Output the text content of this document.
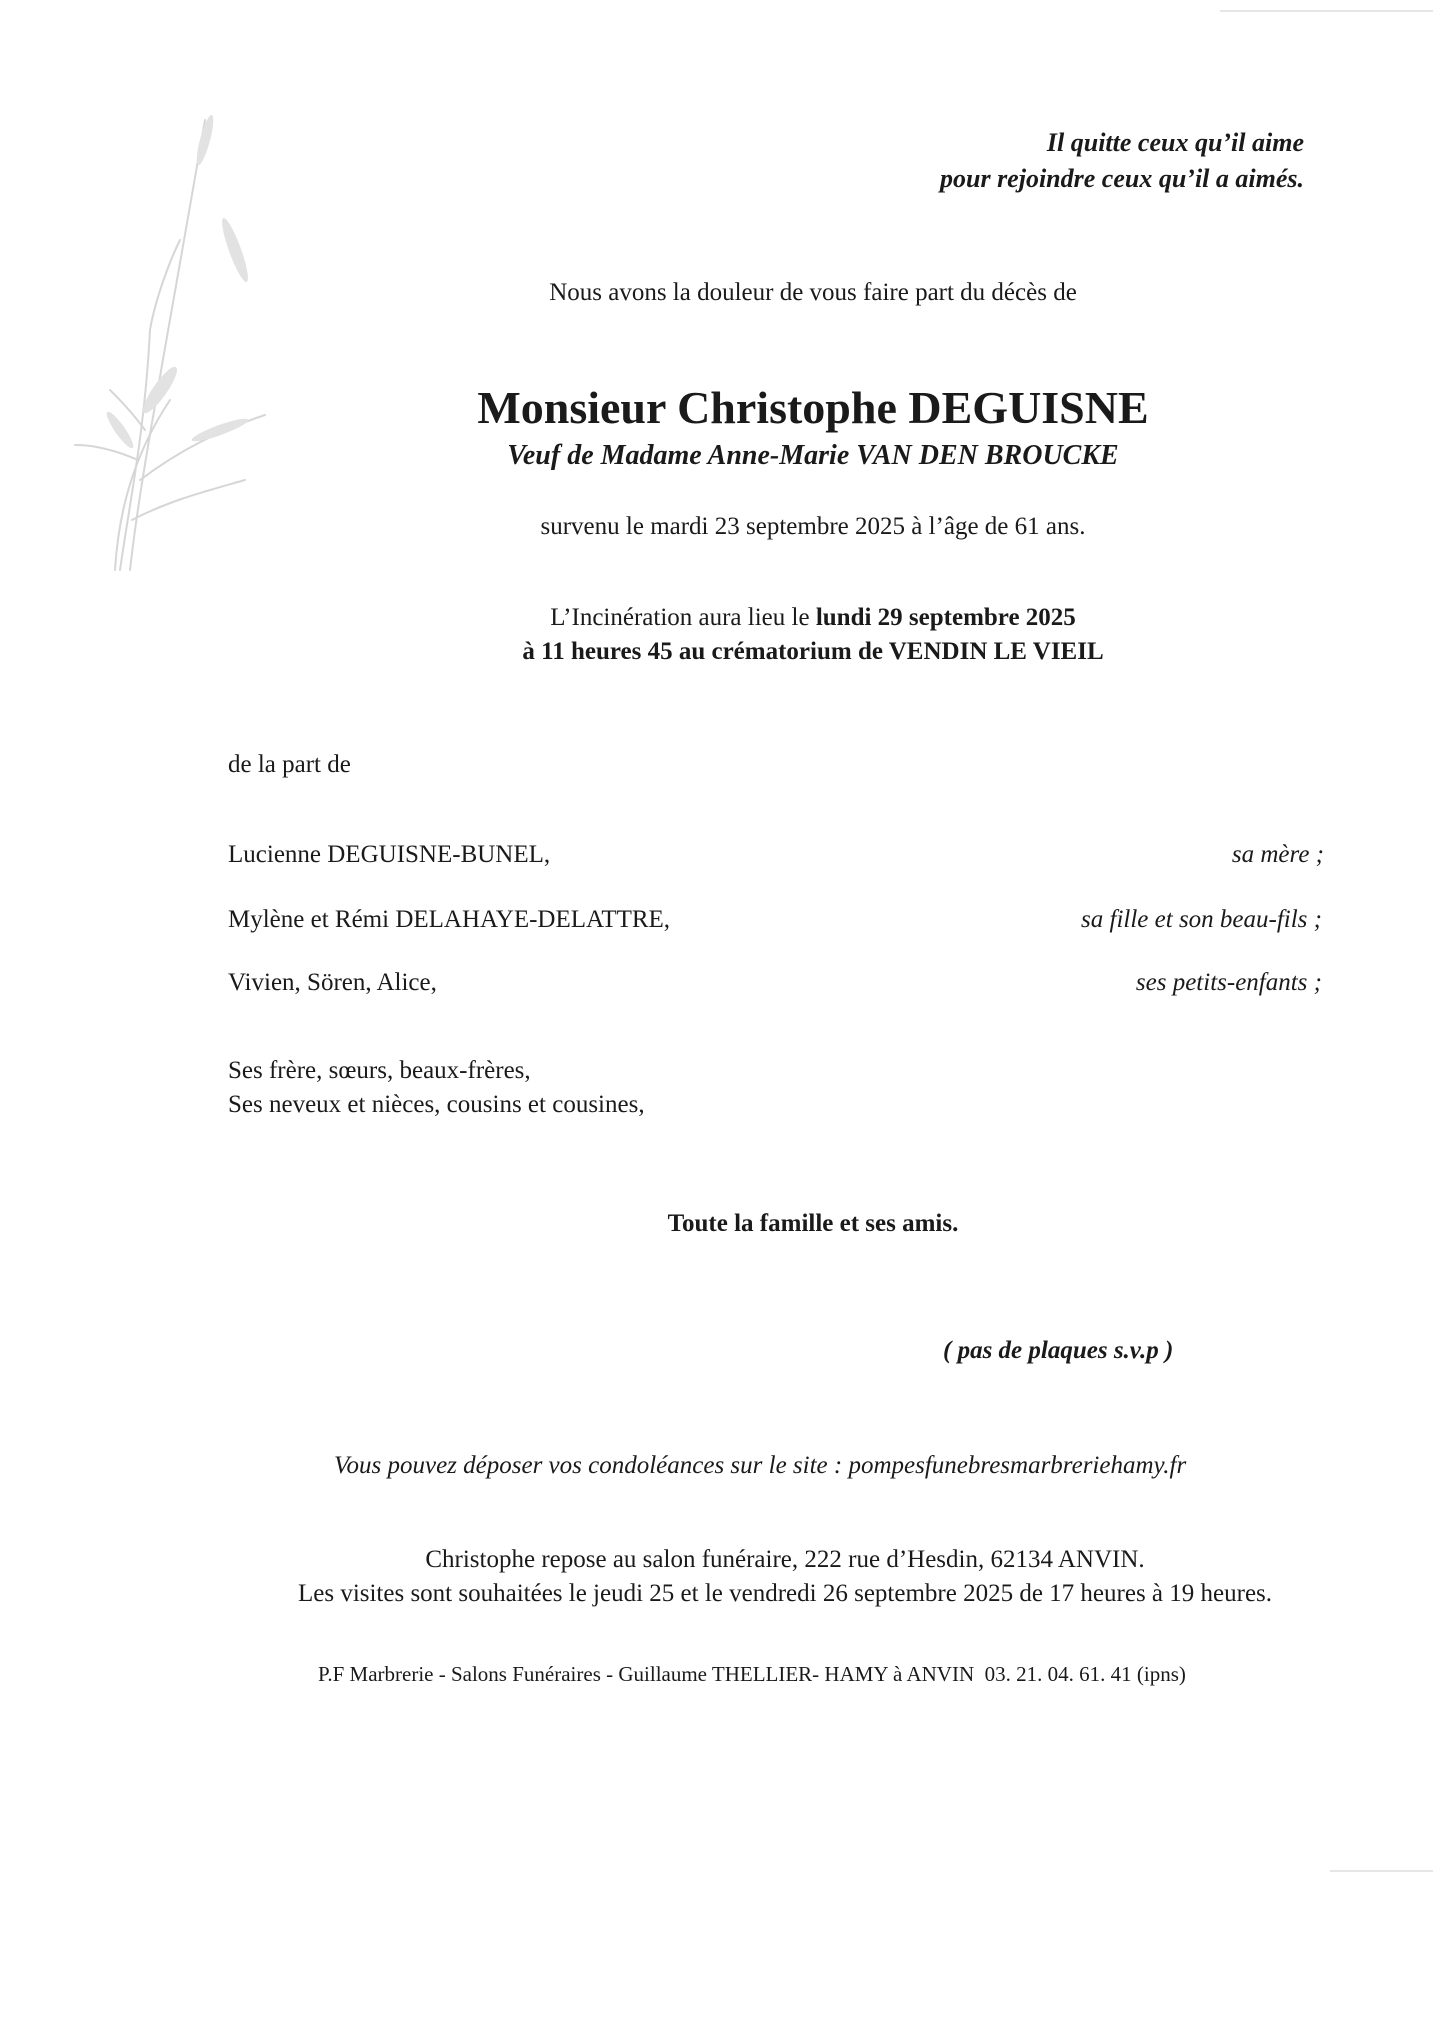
Il quitte ceux qu’il aime
pour rejoindre ceux qu’il a aimés.
Nous avons la douleur de vous faire part du décès de
Monsieur Christophe DEGUISNE
Veuf de Madame Anne-Marie VAN DEN BROUCKE
survenu le mardi 23 septembre 2025 à l’âge de 61 ans.
L’Incinération aura lieu le lundi 29 septembre 2025
à 11 heures 45 au crématorium de VENDIN LE VIEIL
de la part de
Lucienne DEGUISNE-BUNEL,	sa mère ;
Mylène et Rémi DELAHAYE-DELATTRE,	sa fille et son beau-fils ;
Vivien, Sören, Alice,	ses petits-enfants ;
Ses frère, sœurs, beaux-frères,
Ses neveux et nièces, cousins et cousines,
Toute la famille et ses amis.
( pas de plaques s.v.p )
Vous pouvez déposer vos condoléances sur le site : pompesfunebresmarbreriehamy.fr
Christophe repose au salon funéraire, 222 rue d’Hesdin, 62134 ANVIN.
Les visites sont souhaitées le jeudi 25 et le vendredi 26 septembre 2025 de 17 heures à 19 heures.
P.F Marbrerie - Salons Funéraires - Guillaume THELLIER- HAMY à ANVIN  03. 21. 04. 61. 41 (ipns)
